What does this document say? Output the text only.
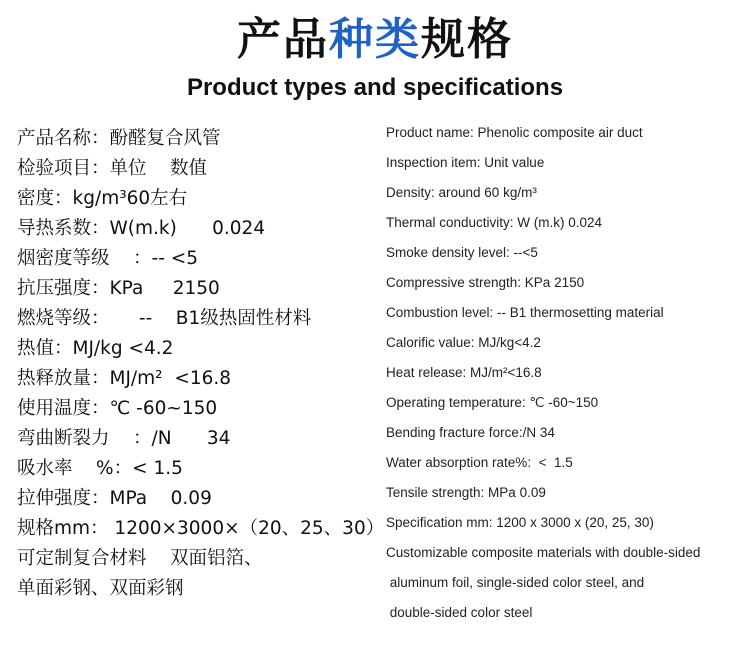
产品种类规格
Product types and specifications
产品名称：酚醛复合风管
检验项目：单位    数值
密度：kg/m³60左右
导热系数：W(m.k)      0.024
烟密度等级    ：-- <5
抗压强度：KPa     2150
燃烧等级：     --    B1级热固性材料
热值：MJ/kg <4.2
热释放量：MJ/m²  <16.8
使用温度：℃ -60~150
弯曲断裂力    ：/N      34
吸水率    %：< 1.5
拉伸强度：MPa    0.09
规格mm： 1200×3000×（20、25、30）
可定制复合材料    双面铝箔、
单面彩钢、双面彩钢
Product name: Phenolic composite air duct
Inspection item: Unit value
Density: around 60 kg/m³
Thermal conductivity: W (m.k) 0.024
Smoke density level: --<5
Compressive strength: KPa 2150
Combustion level: -- B1 thermosetting material
Calorific value: MJ/kg<4.2
Heat release: MJ/m²<16.8
Operating temperature: ℃ -60~150
Bending fracture force:/N 34
Water absorption rate%:  <  1.5
Tensile strength: MPa 0.09
Specification mm: 1200 x 3000 x (20, 25, 30)
Customizable composite materials with double-sided
aluminum foil, single-sided color steel, and
double-sided color steel
